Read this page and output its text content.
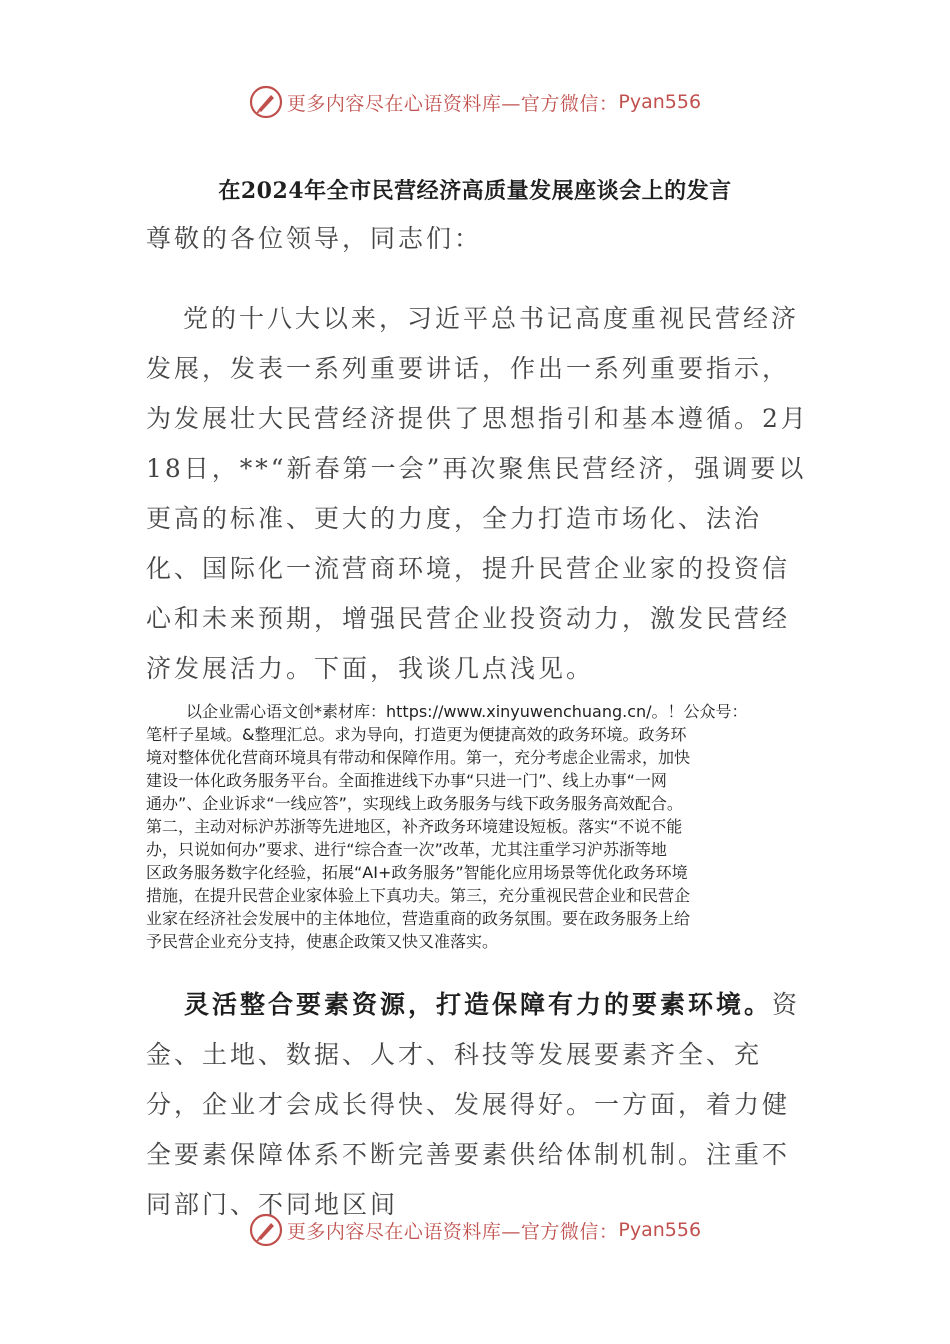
更多内容尽在心语资料库—官方微信： Pyan556
在2024年全市民营经济高质量发展座谈会上的发言
尊敬的各位领导，同志们：
党的十八大以来，习近平总书记高度重视民营经济发展，发表一系列重要讲话，作出一系列重要指示，为发展壮大民营经济提供了思想指引和基本遵循。2月18日，**“新春第一会”再次聚焦民营经济，强调要以更高的标准、更大的力度，全力打造市场化、法治化、国际化一流营商环境，提升民营企业家的投资信心和未来预期，增强民营企业投资动力，激发民营经济发展活力。下面，我谈几点浅见。
以企业需心语文创*素材库：https://www.xinyuwenchuang.cn/。！公众号：
笔杆子星域。&整理汇总。求为导向，打造更为便捷高效的政务环境。政务环
境对整体优化营商环境具有带动和保障作用。第一，充分考虑企业需求，加快
建设一体化政务服务平台。全面推进线下办事“只进一门”、线上办事“一网
通办”、企业诉求“一线应答”，实现线上政务服务与线下政务服务高效配合。
第二，主动对标沪苏浙等先进地区，补齐政务环境建设短板。落实“不说不能
办，只说如何办”要求、进行“综合查一次”改革，尤其注重学习沪苏浙等地
区政务服务数字化经验，拓展“AI+政务服务”智能化应用场景等优化政务环境
措施，在提升民营企业家体验上下真功夫。第三，充分重视民营企业和民营企
业家在经济社会发展中的主体地位，营造重商的政务氛围。要在政务服务上给
予民营企业充分支持，使惠企政策又快又准落实。
灵活整合要素资源，打造保障有力的要素环境。资金、土地、数据、人才、科技等发展要素齐全、充分，企业才会成长得快、发展得好。一方面，着力健全要素保障体系不断完善要素供给体制机制。注重不同部门、不同地区间
更多内容尽在心语资料库—官方微信： Pyan556
